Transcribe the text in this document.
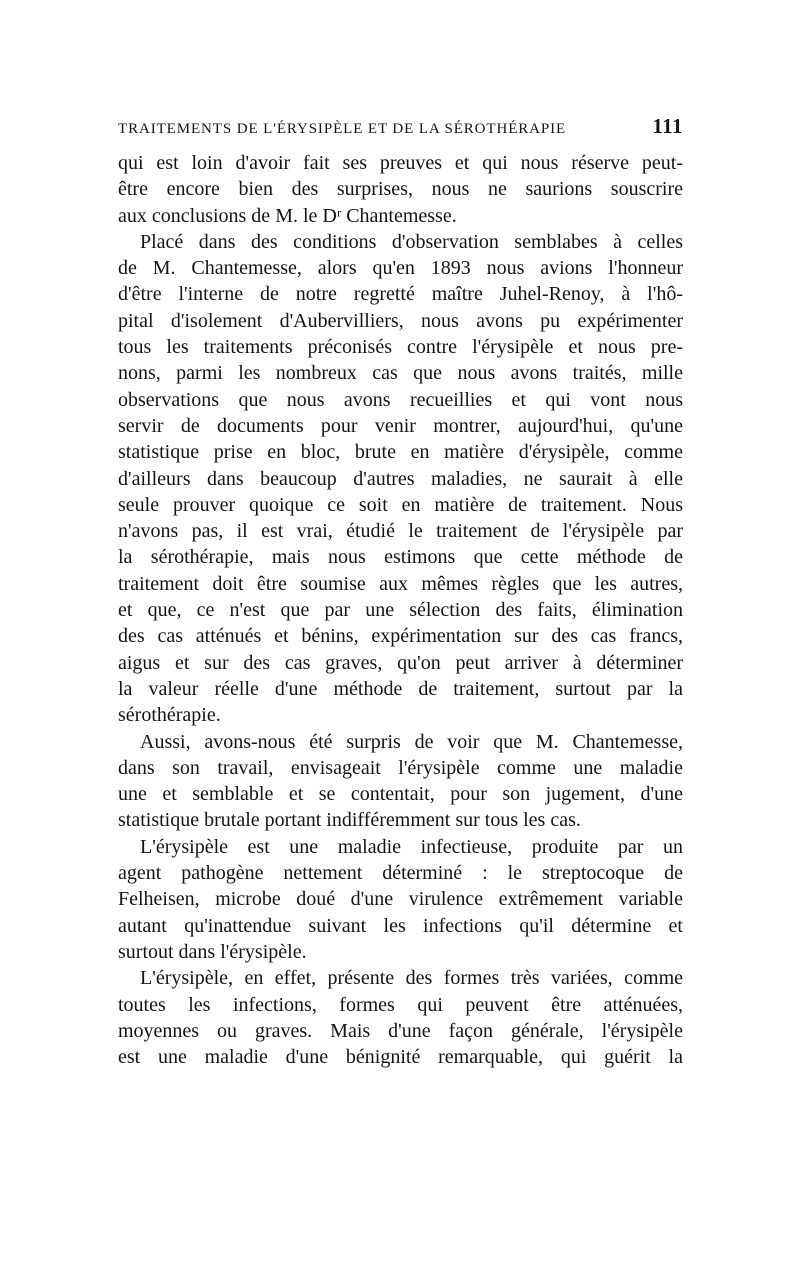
TRAITEMENTS DE L'ÉRYSIPÈLE ET DE LA SÉROTHÉRAPIE	111
qui est loin d'avoir fait ses preuves et qui nous réserve peut-
être encore bien des surprises, nous ne saurions souscrire
aux conclusions de M. le Dʳ Chantemesse.
Placé dans des conditions d'observation semblabes à celles
de M. Chantemesse, alors qu'en 1893 nous avions l'honneur
d'être l'interne de notre regretté maître Juhel-Renoy, à l'hô-
pital d'isolement d'Aubervilliers, nous avons pu expérimenter
tous les traitements préconisés contre l'érysipèle et nous pre-
nons, parmi les nombreux cas que nous avons traités, mille
observations que nous avons recueillies et qui vont nous
servir de documents pour venir montrer, aujourd'hui, qu'une
statistique prise en bloc, brute en matière d'érysipèle, comme
d'ailleurs dans beaucoup d'autres maladies, ne saurait à elle
seule prouver quoique ce soit en matière de traitement. Nous
n'avons pas, il est vrai, étudié le traitement de l'érysipèle par
la sérothérapie, mais nous estimons que cette méthode de
traitement doit être soumise aux mêmes règles que les autres,
et que, ce n'est que par une sélection des faits, élimination
des cas atténués et bénins, expérimentation sur des cas francs,
aigus et sur des cas graves, qu'on peut arriver à déterminer
la valeur réelle d'une méthode de traitement, surtout par la
sérothérapie.
Aussi, avons-nous été surpris de voir que M. Chantemesse,
dans son travail, envisageait l'érysipèle comme une maladie
une et semblable et se contentait, pour son jugement, d'une
statistique brutale portant indifféremment sur tous les cas.
L'érysipèle est une maladie infectieuse, produite par un
agent pathogène nettement déterminé : le streptocoque de
Felheisen, microbe doué d'une virulence extrêmement variable
autant qu'inattendue suivant les infections qu'il détermine et
surtout dans l'érysipèle.
L'érysipèle, en effet, présente des formes très variées, comme
toutes les infections, formes qui peuvent être atténuées,
moyennes ou graves. Mais d'une façon générale, l'érysipèle
est une maladie d'une bénignité remarquable, qui guérit la
